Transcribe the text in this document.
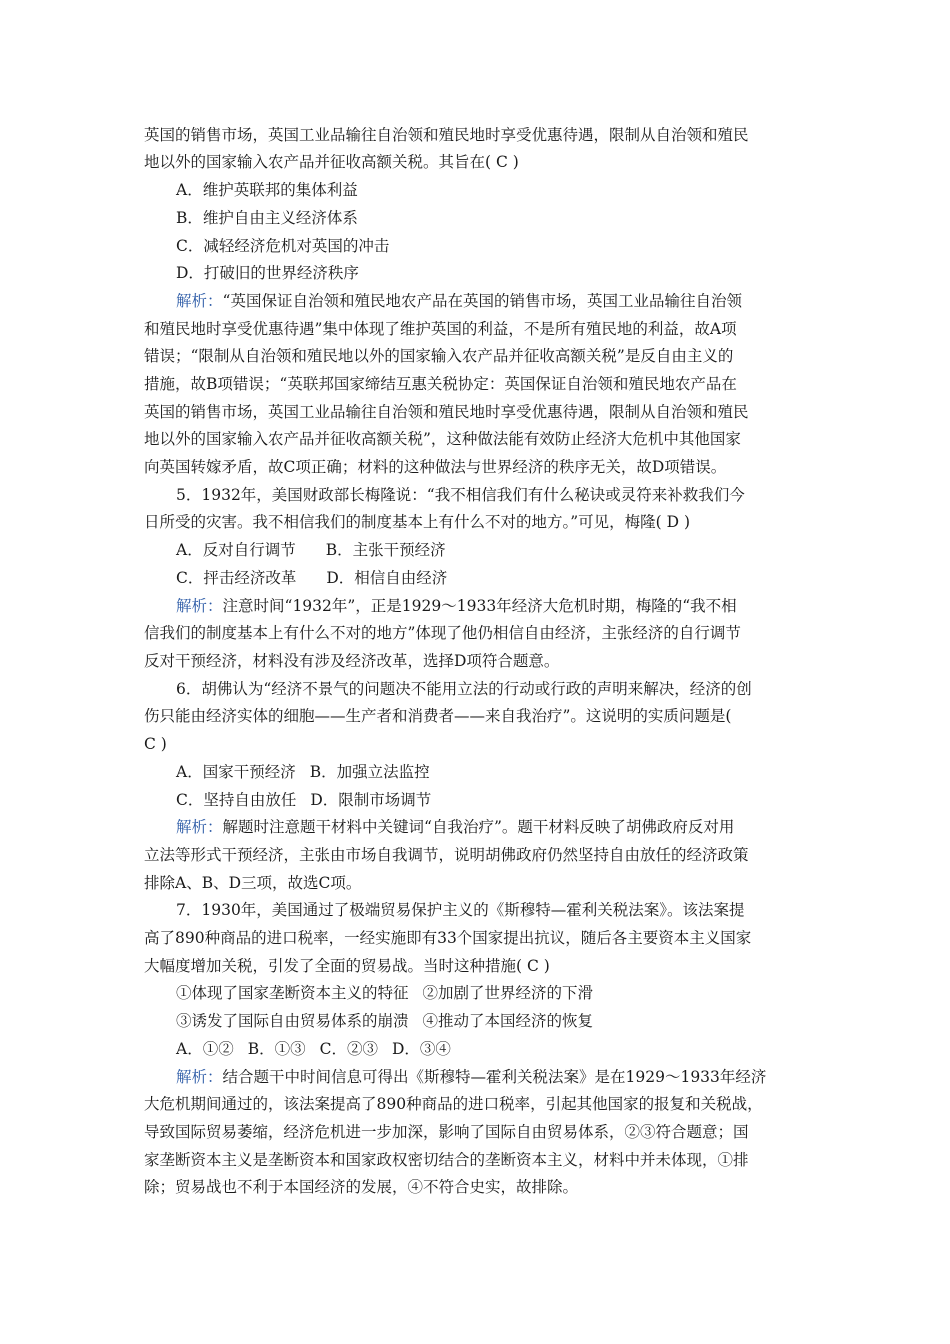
英国的销售市场，英国工业品输往自治领和殖民地时享受优惠待遇，限制从自治领和殖民
地以外的国家输入农产品并征收高额关税。其旨在( C )
A．维护英联邦的集体利益
B．维护自由主义经济体系
C．减轻经济危机对英国的冲击
D．打破旧的世界经济秩序
解析：“英国保证自治领和殖民地农产品在英国的销售市场，英国工业品输往自治领
和殖民地时享受优惠待遇”集中体现了维护英国的利益，不是所有殖民地的利益，故A项
错误；“限制从自治领和殖民地以外的国家输入农产品并征收高额关税”是反自由主义的
措施，故B项错误；“英联邦国家缔结互惠关税协定：英国保证自治领和殖民地农产品在
英国的销售市场，英国工业品输往自治领和殖民地时享受优惠待遇，限制从自治领和殖民
地以外的国家输入农产品并征收高额关税”，这种做法能有效防止经济大危机中其他国家
向英国转嫁矛盾，故C项正确；材料的这种做法与世界经济的秩序无关，故D项错误。
5．1932年，美国财政部长梅隆说：“我不相信我们有什么秘诀或灵符来补救我们今
日所受的灾害。我不相信我们的制度基本上有什么不对的地方。”可见，梅隆( D )
A．反对自行调节 B．主张干预经济
C．抨击经济改革 D．相信自由经济
解析：注意时间“1932年”，正是1929～1933年经济大危机时期，梅隆的“我不相
信我们的制度基本上有什么不对的地方”体现了他仍相信自由经济，主张经济的自行调节
反对干预经济，材料没有涉及经济改革，选择D项符合题意。
6．胡佛认为“经济不景气的问题决不能用立法的行动或行政的声明来解决，经济的创
伤只能由经济实体的细胞——生产者和消费者——来自我治疗”。这说明的实质问题是(
C )
A．国家干预经济 B．加强立法监控
C．坚持自由放任 D．限制市场调节
解析：解题时注意题干材料中关键词“自我治疗”。题干材料反映了胡佛政府反对用
立法等形式干预经济，主张由市场自我调节，说明胡佛政府仍然坚持自由放任的经济政策
排除A、B、D三项，故选C项。
7．1930年，美国通过了极端贸易保护主义的《斯穆特—霍利关税法案》。该法案提
高了890种商品的进口税率，一经实施即有33个国家提出抗议，随后各主要资本主义国家
大幅度增加关税，引发了全面的贸易战。当时这种措施( C )
①体现了国家垄断资本主义的特征 ②加剧了世界经济的下滑
③诱发了国际自由贸易体系的崩溃 ④推动了本国经济的恢复
A．①② B．①③ C．②③ D．③④
解析：结合题干中时间信息可得出《斯穆特—霍利关税法案》是在1929～1933年经济
大危机期间通过的，该法案提高了890种商品的进口税率，引起其他国家的报复和关税战，
导致国际贸易萎缩，经济危机进一步加深，影响了国际自由贸易体系，②③符合题意；国
家垄断资本主义是垄断资本和国家政权密切结合的垄断资本主义，材料中并未体现，①排
除；贸易战也不利于本国经济的发展，④不符合史实，故排除。
